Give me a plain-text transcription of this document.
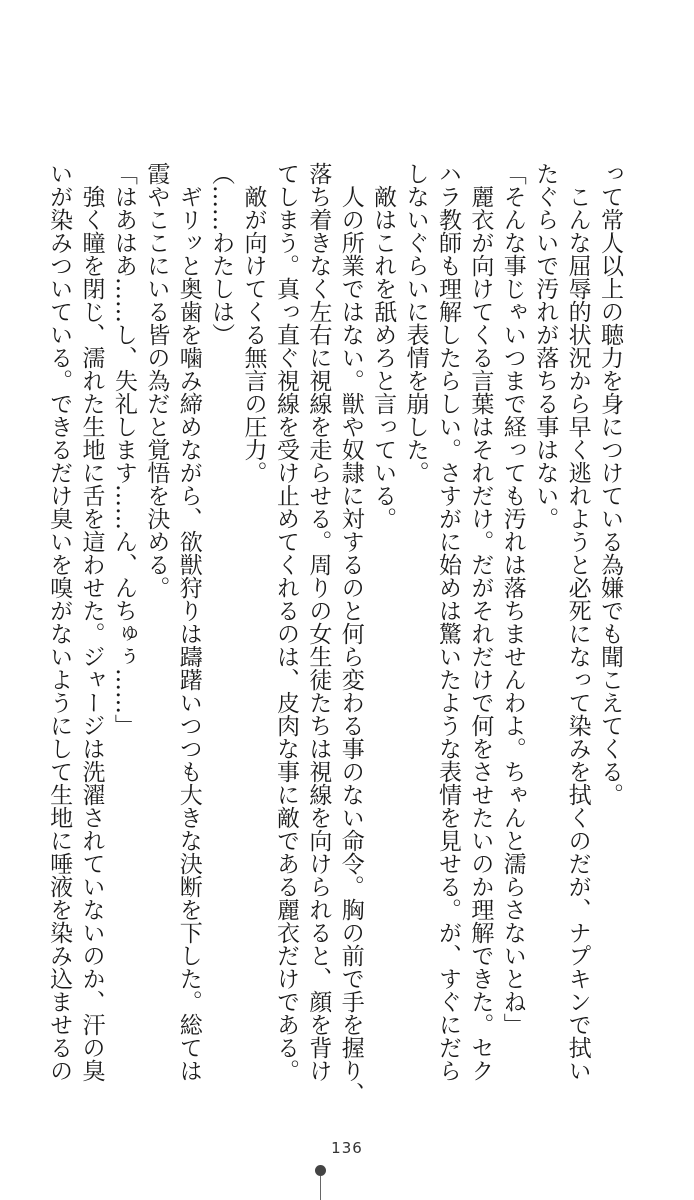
って常人以上の聴力を身につけている為嫌でも聞こえてくる。

　こんな屈辱的状況から早く逃れようと必死になって染みを拭くのだが、ナプキンで拭い

たぐらいで汚れが落ちる事はない。

「そんな事じゃいつまで経っても汚れは落ちませんわよ。ちゃんと濡らさないとね」

　麗衣が向けてくる言葉はそれだけ。だがそれだけで何をさせたいのか理解できた。セク

ハラ教師も理解したらしい。さすがに始めは驚いたような表情を見せる。が、すぐにだら

しないぐらいに表情を崩した。

　敵はこれを舐めろと言っている。

　人の所業ではない。獣や奴隷に対するのと何ら変わる事のない命令。胸の前で手を握り、

落ち着きなく左右に視線を走らせる。周りの女生徒たちは視線を向けられると、顔を背け

てしまう。真っ直ぐ視線を受け止めてくれるのは、皮肉な事に敵である麗衣だけである。

　敵が向けてくる無言の圧力。

（……わたしは）

　ギリッと奥歯を噛み締めながら、欲獣狩りは躊躇いつつも大きな決断を下した。総ては

霞やここにいる皆の為だと覚悟を決める。

「はあはあ……し、失礼します……ん、んちゅぅ……」

　強く瞳を閉じ、濡れた生地に舌を這わせた。ジャージは洗濯されていないのか、汗の臭

いが染みついている。できるだけ臭いを嗅がないようにして生地に唾液を染み込ませるの

136
